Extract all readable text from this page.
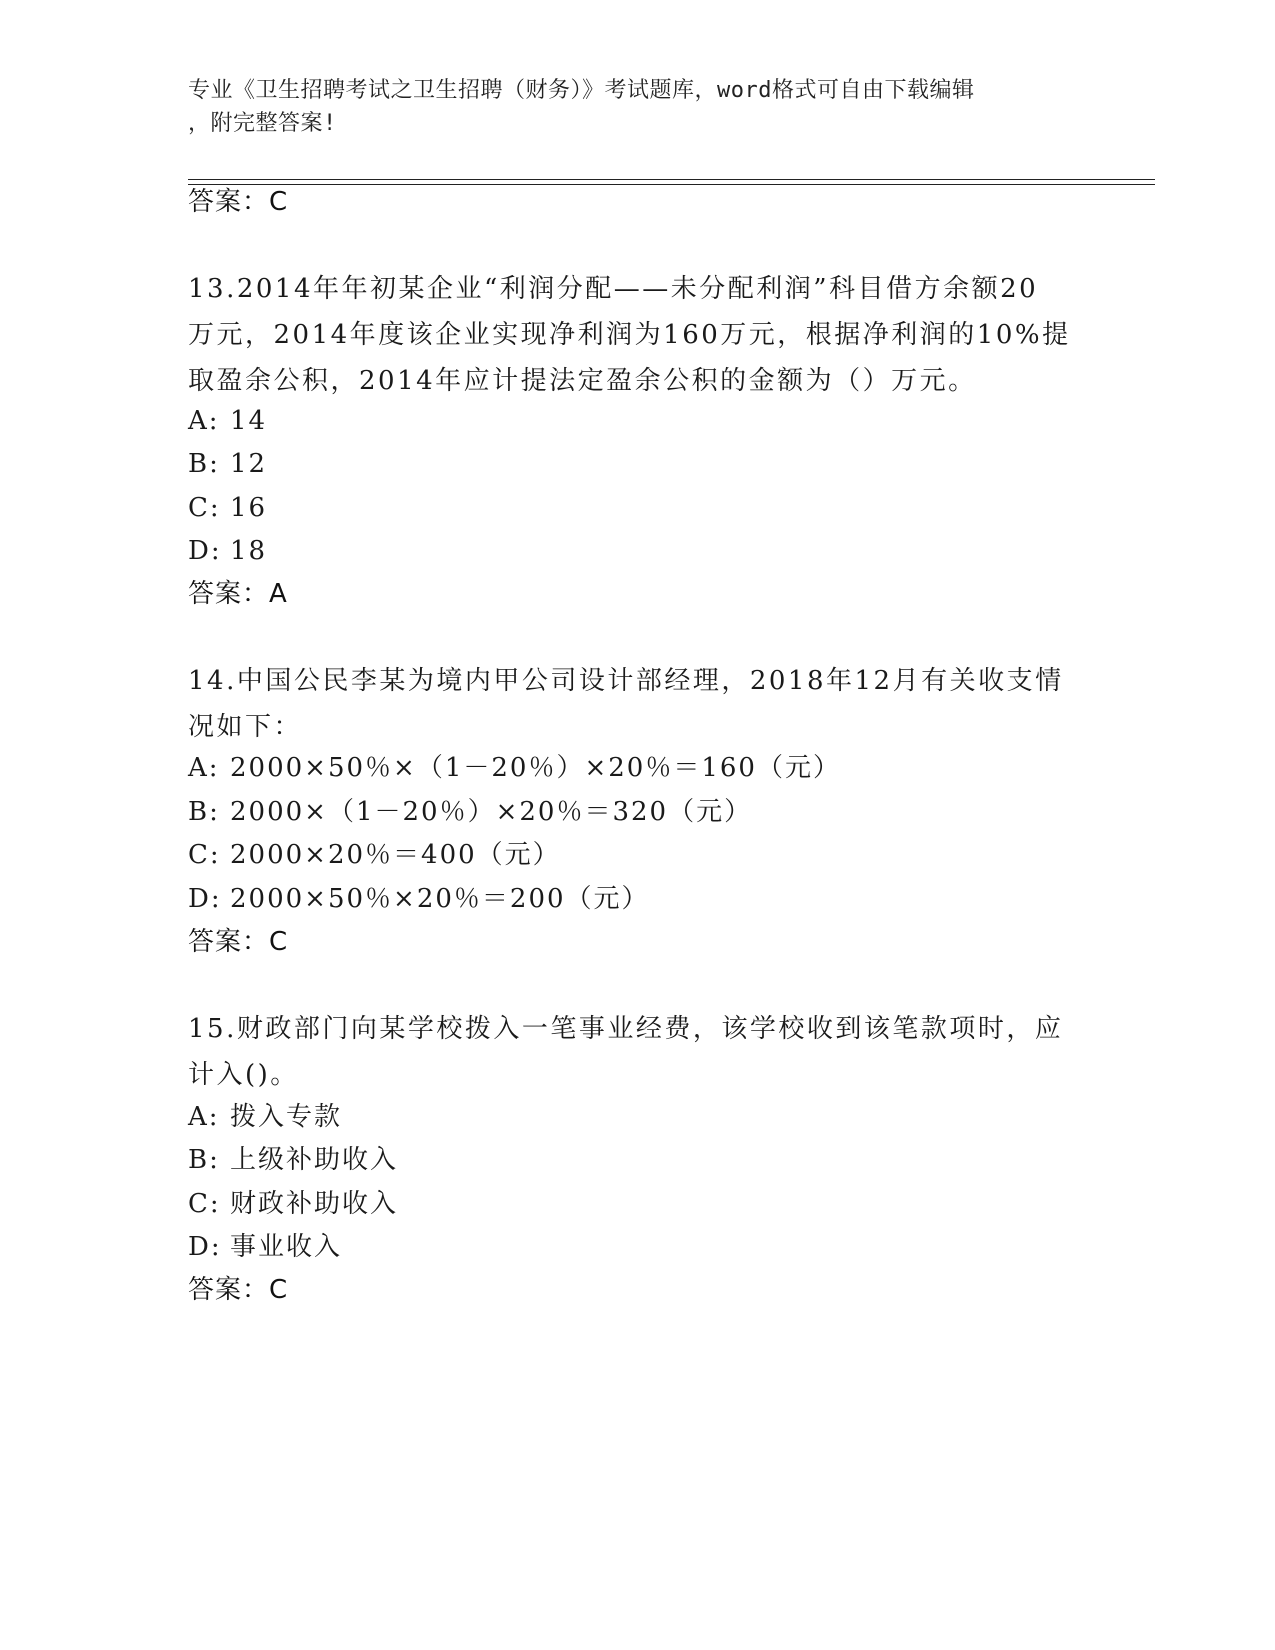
专业《卫生招聘考试之卫生招聘（财务）》考试题库，word格式可自由下载编辑
，附完整答案!
答案：C
13.2014年年初某企业“利润分配——未分配利润”科目借方余额20
万元，2014年度该企业实现净利润为160万元，根据净利润的10%提
取盈余公积，2014年应计提法定盈余公积的金额为（）万元。
A: 14
B: 12
C: 16
D: 18
答案：A
14.中国公民李某为境内甲公司设计部经理，2018年12月有关收支情
况如下：
A: 2000×50％×（1－20％）×20％＝160（元）
B: 2000×（1－20％）×20％＝320（元）
C: 2000×20％＝400（元）
D: 2000×50％×20％＝200（元）
答案：C
15.财政部门向某学校拨入一笔事业经费，该学校收到该笔款项时，应
计入()。
A: 拨入专款
B: 上级补助收入
C: 财政补助收入
D: 事业收入
答案：C
